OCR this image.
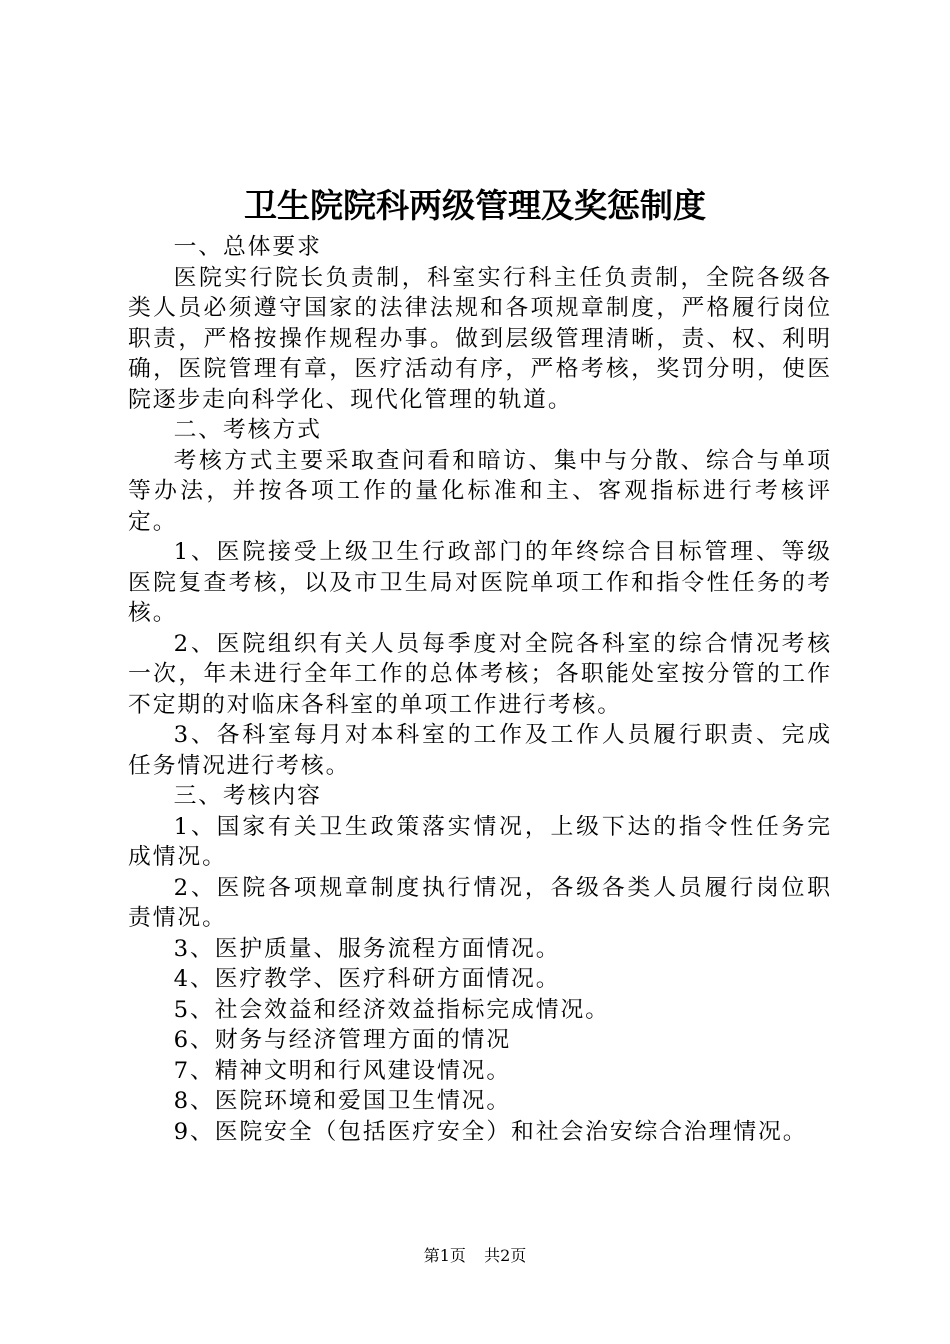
卫生院院科两级管理及奖惩制度

一、总体要求

医院实行院长负责制，科室实行科主任负责制，全院各级各类人员必须遵守国家的法律法规和各项规章制度，严格履行岗位职责，严格按操作规程办事。做到层级管理清晰，责、权、利明确，医院管理有章，医疗活动有序，严格考核，奖罚分明，使医院逐步走向科学化、现代化管理的轨道。

二、考核方式

考核方式主要采取查问看和暗访、集中与分散、综合与单项等办法，并按各项工作的量化标准和主、客观指标进行考核评定。

1、医院接受上级卫生行政部门的年终综合目标管理、等级医院复查考核，以及市卫生局对医院单项工作和指令性任务的考核。

2、医院组织有关人员每季度对全院各科室的综合情况考核一次，年未进行全年工作的总体考核；各职能处室按分管的工作不定期的对临床各科室的单项工作进行考核。

3、各科室每月对本科室的工作及工作人员履行职责、完成任务情况进行考核。

三、考核内容

1、国家有关卫生政策落实情况，上级下达的指令性任务完成情况。

2、医院各项规章制度执行情况，各级各类人员履行岗位职责情况。

3、医护质量、服务流程方面情况。

4、医疗教学、医疗科研方面情况。

5、社会效益和经济效益指标完成情况。

6、财务与经济管理方面的情况

7、精神文明和行风建设情况。

8、医院环境和爱国卫生情况。

9、医院安全（包括医疗安全）和社会治安综合治理情况。

第1页 共2页
